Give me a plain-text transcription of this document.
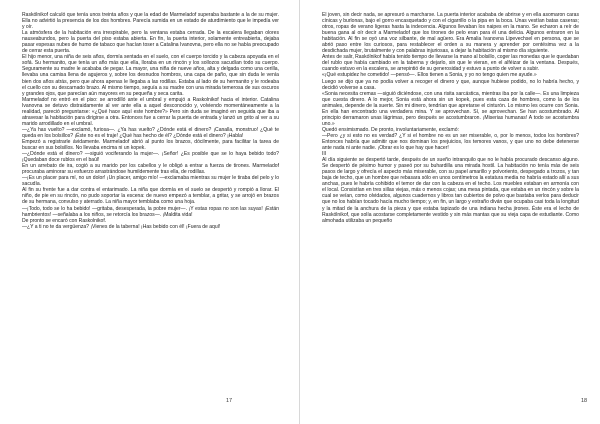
Raskólnikof calculó que tenía unos treinta años y que la edad de Marmeladof superaba bastante a la de su mujer. Ella no advirtió la presencia de los dos hombres. Parecía sumida en un estado de aturdimiento que le impedía ver y oír.

La atmósfera de la habitación era irrespirable, pero la ventana estaba cerrada. De la escalera llegaban olores nauseabundos, pero la puerta del piso estaba abierta. En fin, la puerta interior, solamente entreabierta, dejaba pasar espesas nubes de humo de tabaco que hacían toser a Catalina Ivanovna, pero ella no se había preocupado de cerrar esta puerta.

El hijo menor, una niña de seis años, dormía sentada en el suelo, con el cuerpo torcido y la cabeza apoyada en el sofá. Su hermanito, que tenía un año más que ella, lloraba en un rincón y los sollozos sacudían todo su cuerpo. Seguramente su madre le acababa de pegar. La mayor, una niña de nueve años, alta y delgada como una cerilla, llevaba una camisa llena de agujeros y, sobre los desnudos hombros, una capa de paño, que sin duda le venía bien dos años atrás, pero que ahora apenas le llegaba a las rodillas. Estaba al lado de su hermanito y le rodeaba el cuello con su descarnado brazo. Al mismo tiempo, seguía a su madre con una mirada temerosa de sus oscuros y grandes ojos, que parecían aún mayores en su pequeña y seca carita.

Marmeladof no entró en el piso: se arrodilló ante el umbral y empujó a Raskolnikof hacia el interior. Catalina Ivanovna se detuvo distraidamente al ver ante ella a aquel desconocido y, volviendo momentáneamente a la realidad, pareció preguntarse: «¿Qué hace aquí este hombre?» Pero sin duda se imaginó en seguida que iba a atravesar la habitación para dirigirse a otra. Entonces fue a cerrar la puerta de entrada y lanzó un grito al ver a su marido arrodillado en el umbral.

—¿Ya has vuelto? —exclamó, furiosa—. ¿Ya has vuelto? ¿Dónde está el dinero? ¡Canalla, monstruo! ¿Qué te queda en los bolsillos? ¡Éste no es el traje! ¿Qué has hecho de él? ¿Dónde está el dinero? ¡Habla!

Empezó a registrarle ávidamente. Marmeladof abrió al punto los brazos, dócilmente, para facilitar la tarea de buscar en sus bolsillos. No llevaba encima ni un kopek.

—¿Dónde está el dinero? —siguió vociferando la mujer—. ¡Señor! ¿Es posible que se lo haya bebido todo? ¡Quedaban doce rublos en el baúl!

En un arrebato de ira, cogió a su marido por los cabellos y le obligó a entrar a fuerza de tirones. Marmeladof procuraba aminorar su esfuerzo arrastrándose humildemente tras ella, de rodillas.

—¡Es un placer para mí, no un dolor! ¡Un placer, amigo mío! —exclamaba mientras su mujer le tiraba del pelo y lo sacudía.

Al fin su frente fue a dar contra el entarimado. La niña que dormía en el suelo se despertó y rompió a llorar. El niño, de pie en su rincón, no pudo soportar la escena: de nuevo empezó a temblar, a gritar, y se arrojó en brazos de su hermana, convulso y aterrado. La niña mayor temblaba como una hoja.

—¡Todo, todo se lo ha bebido! —gritaba, desesperada, la pobre mujer—. ¡Y estas ropas no son las suyas! ¡Están hambrientos! —señalaba a los niños, se retorcía los brazos—. ¡Maldita vida!

De pronto se encaró con Raskolnikof.

—¿Y a ti no te da vergüenza? ¡Vienes de la taberna! ¡Has bebido con él! ¡Fuera de aquí!

17

El joven, sin decir nada, se apresuró a marcharse. La puerta interior acababa de abrirse y en ella asomaron caras cínicas y burlonas, bajo el gorro encasquetado y con el cigarrillo o la pipa en la boca. Unas vestían batas caseras; otros, ropas de verano ligeras hasta la indecencia. Algunos llevaban los naipes en la mano. Se echaron a reír de buena gana al oír decir a Marmeladof que los tirones de pelo eran para él una delicia. Algunos entraron en la habitación. Al fin se oyó una voz silbante, de mal agüero. Era Amalia Ivanovna Lipevechsel en persona, que se abrió paso entre los curiosos, para restablecer el orden a su manera y aprender por centésima vez a la desdichada mujer, brutalmente y con palabras injuriosas, a dejar la habitación al mismo día siguiente.

Antes de salir, Raskólnikof había tenido tiempo de llevarse la mano al bolsillo, coger las monedas que le quedaban del rublo que había cambiado en la taberna y dejarlo, sin que le vieran, en el alféizar de la ventana. Después, cuando estuvo en la escalera, se arrepintió de su generosidad y estuvo a punto de volver a subir.

«¡Qué estupidez he cometido! —pensó—. Ellos tienen a Sonia, y yo no tengo quien me ayude.»

Luego se dijo que ya no podía volver a recoger el dinero y que, aunque hubiese podido, no lo habría hecho, y decidió volverse a casa.

«Sonia necesita cremas —siguió diciéndose, con una risita sarcástica, mientras iba por la calle—. Es una limpieza que cuesta dinero. A lo mejor, Sonia está ahora sin un kopek, pues esta caza de hombres, como la de los animales, depende de la suerte. Sin mi dinero, tendrían que apretarse el cinturón. Lo mismo les ocurre con Sonia. En ella han encontrado una verdadera mina. Y se aprovechan. Sí, se aprovechan. Se han acostumbrado. Al principio derramaron unas lágrimas, pero después se acostumbraron. ¡Miserias humanas! A todo se acostumbra uno.»

Quedó ensimismado. De pronto, involuntariamente, exclamó:

—Pero ¿y si esto no es verdad? ¿Y si el hombre no es un ser miserable, o, por lo menos, todos los hombres? Entonces habría que admitir que nos dominan los prejuicios, los temores vanos, y que uno no debe detenerse ante nada ni ante nadie. ¡Obrar es lo que hay que hacer!

III

Al día siguiente se despertó tarde, después de un sueño intranquilo que no le había procurado descanso alguno. Se despertó de pésimo humor y paseó por su buhardilla una mirada hostil. La habitación no tenía más de seis pasos de largo y ofrecía el aspecto más miserable, con su papel amarillo y polvoriento, despegado a trozos, y tan baja de techo, que un hombre que rebasara sólo en unos centímetros la estatura media no habría estado allí a sus anchas, pues le habría cohibido el temor de dar con la cabeza en el techo. Los muebles estaban en armonía con el local. Consistían en tres sillas viejas, más o menos cojas; una mesa pintada, que estaba en un rincón y sobre la cual se veían, como olvidados, algunos cuadernos y libros tan cubiertos de polvo que bastaba verlos para deducir que no los habían tocado hacía mucho tiempo; y, en fin, un largo y extraño diván que ocupaba casi toda la longitud y la mitad de la anchura de la pieza y que estaba tapizado de una indiana hecha jirones. Éste era el lecho de Raskólnikof, que solía acostarse completamente vestido y sin más mantas que su vieja capa de estudiante. Como almohada utilizaba un pequeño

18
